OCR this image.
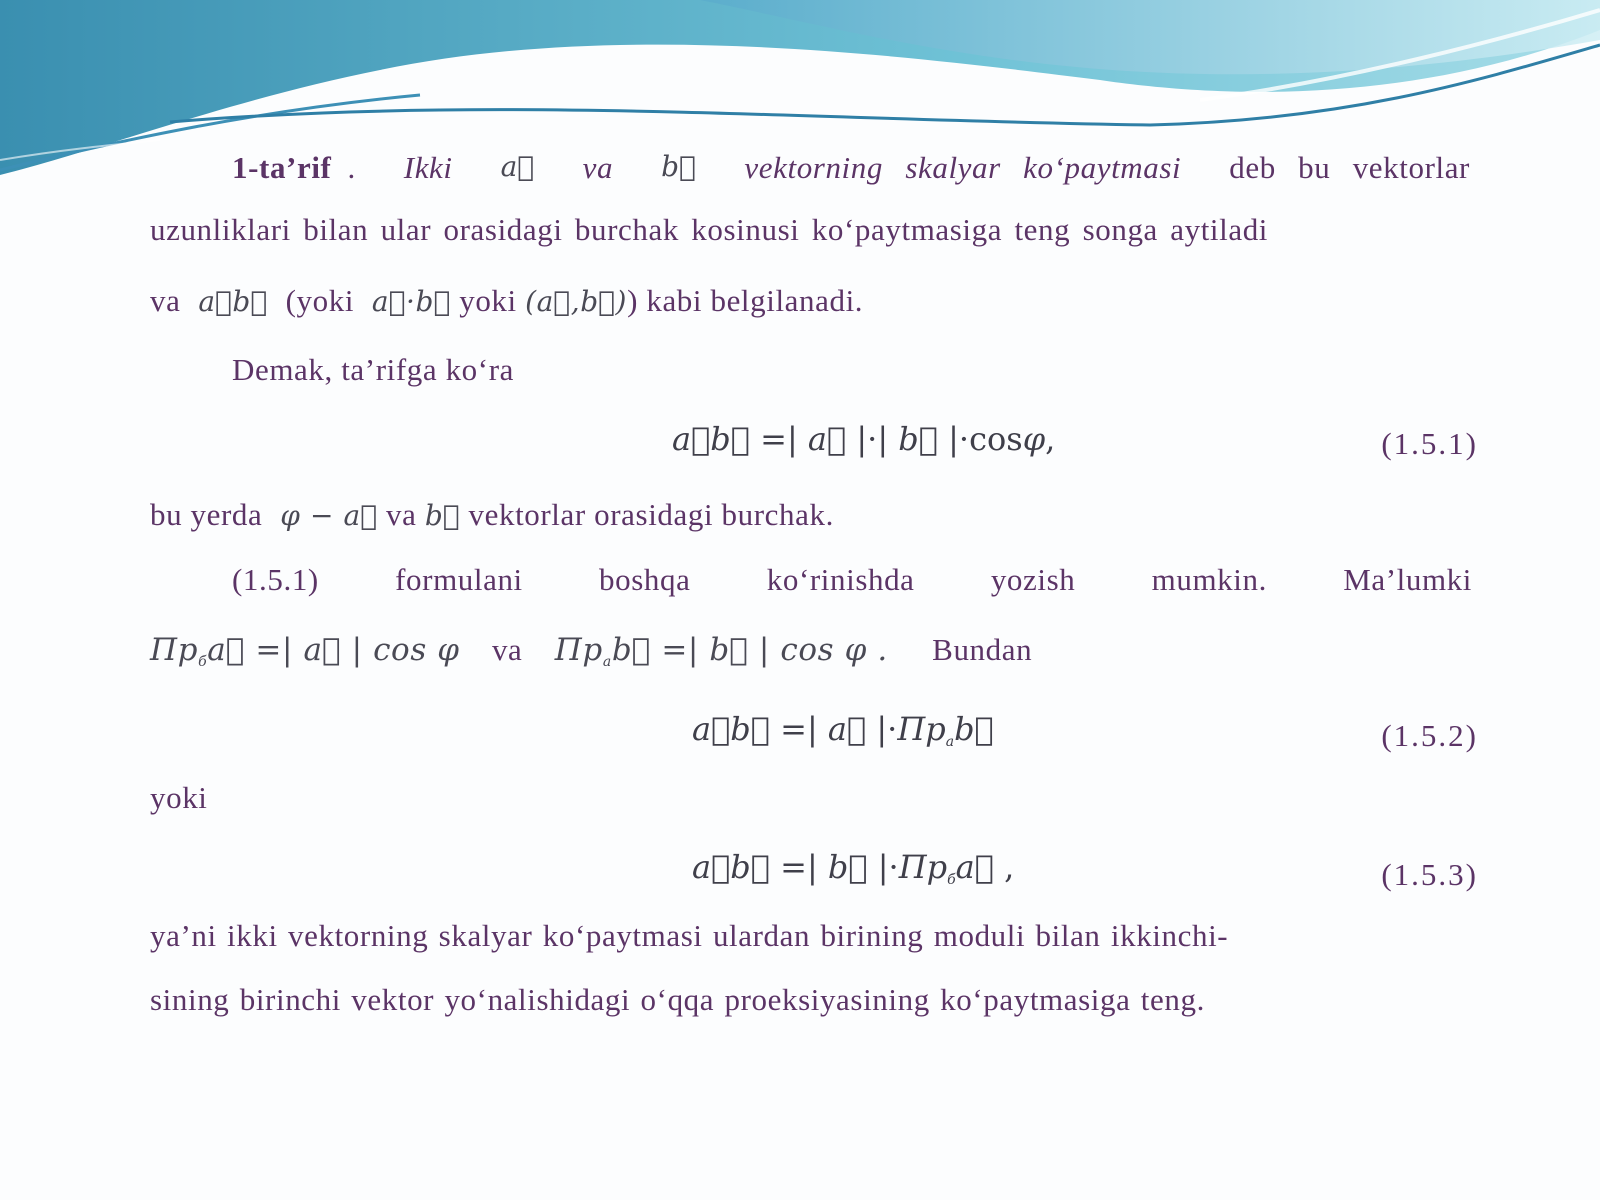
1-ta’rif . Ikki a⃗ va b⃗ vektorning skalyar ko‘paytmasi deb bu vektorlar
uzunliklari bilan ular orasidagi burchak kosinusi ko‘paytmasiga teng songa aytiladi
va  a⃗b⃗  (yoki  a⃗·b⃗ yoki (a⃗,b⃗)) kabi belgilanadi.
Demak, ta’rifga ko‘ra
a⃗b⃗ =| a⃗ |·| b⃗ |·cosφ,	(1.5.1)
bu yerda  φ − a⃗ va b⃗ vektorlar orasidagi burchak.
(1.5.1) formulani boshqa ko‘rinishda yozish mumkin. Ma’lumki
$Пp_бa⃗$ =| a⃗ | cos φ va $Пp_ab⃗$ =| b⃗ | cos φ . Bundan
a⃗b⃗ =| a⃗ $|\cdot Пp_ab⃗$	(1.5.2)
yoki
a⃗b⃗ =| b⃗ $|\cdot Пp_бa⃗$ ,	(1.5.3)
ya’ni ikki vektorning skalyar ko‘paytmasi ulardan birining moduli bilan ikkinchi-
sining birinchi vektor yo‘nalishidagi o‘qqa proeksiyasining ko‘paytmasiga teng.
